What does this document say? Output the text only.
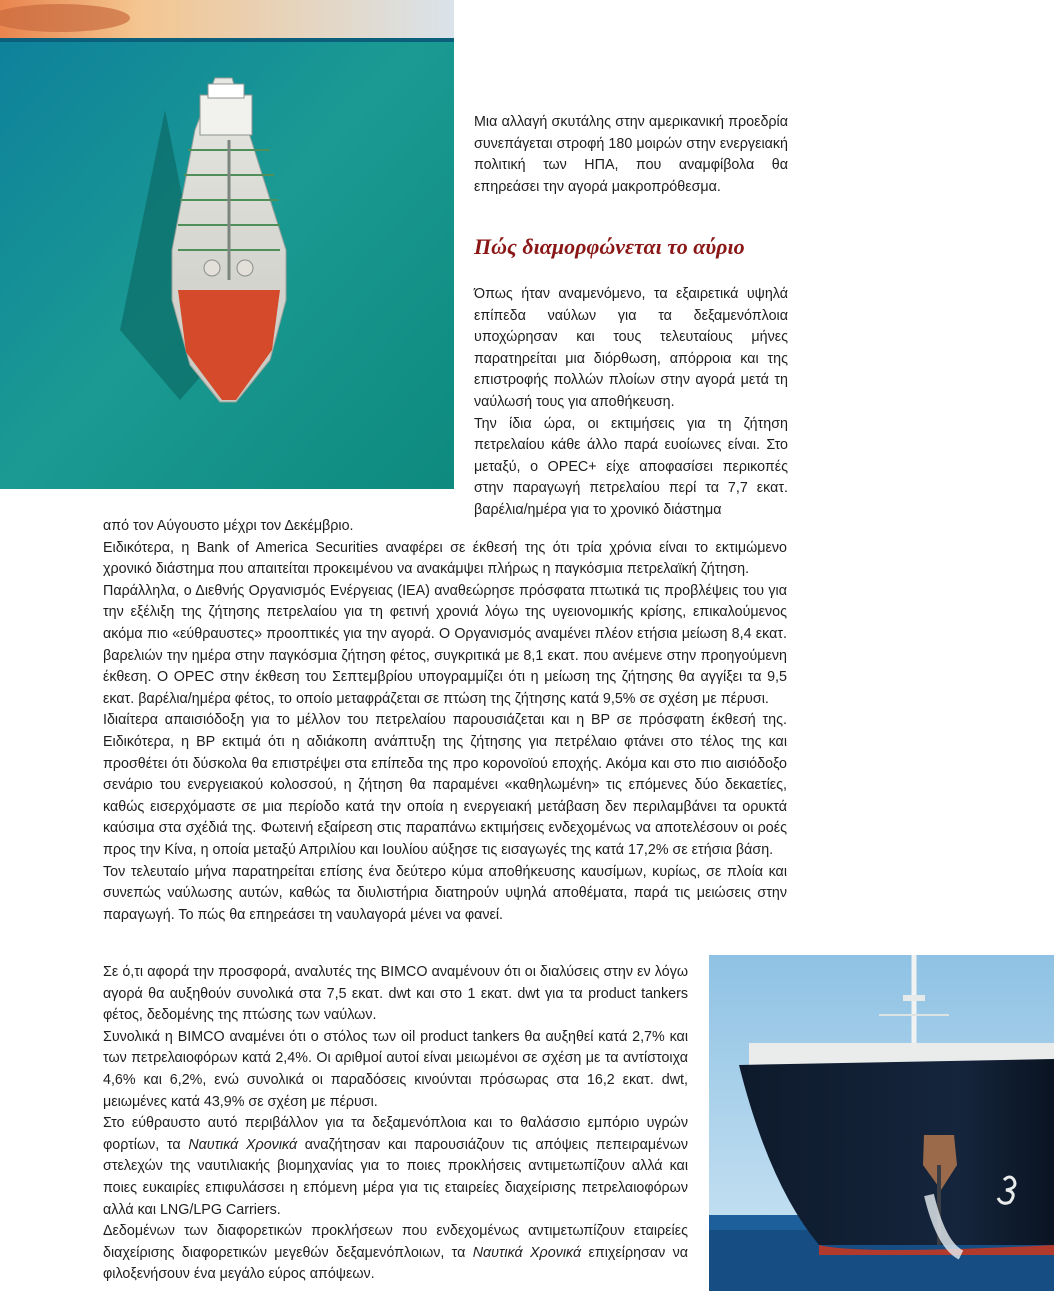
Μια αλλαγή σκυτάλης στην αμερικανική προεδρία συνεπάγεται στροφή 180 μοιρών στην ενεργειακή πολιτική των ΗΠΑ, που αναμφίβολα θα επηρεάσει την αγορά μακροπρόθεσμα.

Πώς διαμορφώνεται το αύριο

Όπως ήταν αναμενόμενο, τα εξαιρετικά υψηλά επίπεδα ναύλων για τα δεξαμενόπλοια υποχώρησαν και τους τελευταίους μήνες παρατηρείται μια διόρθωση, απόρροια και της επιστροφής πολλών πλοίων στην αγορά μετά τη ναύλωσή τους για αποθήκευση.

Την ίδια ώρα, οι εκτιμήσεις για τη ζήτηση πετρελαίου κάθε άλλο παρά ευοίωνες είναι. Στο μεταξύ, ο OPEC+ είχε αποφασίσει περικοπές στην παραγωγή πετρελαίου περί τα 7,7 εκατ. βαρέλια/ημέρα για το χρονικό διάστημα

από τον Αύγουστο μέχρι τον Δεκέμβριο.

Ειδικότερα, η Bank of America Securities αναφέρει σε έκθεσή της ότι τρία χρόνια είναι το εκτιμώμενο χρονικό διάστημα που απαιτείται προκειμένου να ανακάμψει πλήρως η παγκόσμια πετρελαϊκή ζήτηση.

Παράλληλα, ο Διεθνής Οργανισμός Ενέργειας (IEA) αναθεώρησε πρόσφατα πτωτικά τις προβλέψεις του για την εξέλιξη της ζήτησης πετρελαίου για τη φετινή χρονιά λόγω της υγειονομικής κρίσης, επικαλούμενος ακόμα πιο «εύθραυστες» προοπτικές για την αγορά. Ο Οργανισμός αναμένει πλέον ετήσια μείωση 8,4 εκατ. βαρελιών την ημέρα στην παγκόσμια ζήτηση φέτος, συγκριτικά με 8,1 εκατ. που ανέμενε στην προηγούμενη έκθεση. Ο OPEC στην έκθεση του Σεπτεμβρίου υπογραμμίζει ότι η μείωση της ζήτησης θα αγγίξει τα 9,5 εκατ. βαρέλια/ημέρα φέτος, το οποίο μεταφράζεται σε πτώση της ζήτησης κατά 9,5% σε σχέση με πέρυσι.

Ιδιαίτερα απαισιόδοξη για το μέλλον του πετρελαίου παρουσιάζεται και η BP σε πρόσφατη έκθεσή της. Ειδικότερα, η BP εκτιμά ότι η αδιάκοπη ανάπτυξη της ζήτησης για πετρέλαιο φτάνει στο τέλος της και προσθέτει ότι δύσκολα θα επιστρέψει στα επίπεδα της προ κορονοϊού εποχής. Ακόμα και στο πιο αισιόδοξο σενάριο του ενεργειακού κολοσσού, η ζήτηση θα παραμένει «καθηλωμένη» τις επόμενες δύο δεκαετίες, καθώς εισερχόμαστε σε μια περίοδο κατά την οποία η ενεργειακή μετάβαση δεν περιλαμβάνει τα ορυκτά καύσιμα στα σχέδιά της. Φωτεινή εξαίρεση στις παραπάνω εκτιμήσεις ενδεχομένως να αποτελέσουν οι ροές προς την Κίνα, η οποία μεταξύ Απριλίου και Ιουλίου αύξησε τις εισαγωγές της κατά 17,2% σε ετήσια βάση.

Τον τελευταίο μήνα παρατηρείται επίσης ένα δεύτερο κύμα αποθήκευσης καυσίμων, κυρίως, σε πλοία και συνεπώς ναύλωσης αυτών, καθώς τα διυλιστήρια διατηρούν υψηλά αποθέματα, παρά τις μειώσεις στην παραγωγή. Το πώς θα επηρεάσει τη ναυλαγορά μένει να φανεί.

Σε ό,τι αφορά την προσφορά, αναλυτές της BIMCO αναμένουν ότι οι διαλύσεις στην εν λόγω αγορά θα αυξηθούν συνολικά στα 7,5 εκατ. dwt και στο 1 εκατ. dwt για τα product tankers φέτος, δεδομένης της πτώσης των ναύλων.

Συνολικά η BIMCO αναμένει ότι ο στόλος των oil product tankers θα αυξηθεί κατά 2,7% και των πετρελαιοφόρων κατά 2,4%. Οι αριθμοί αυτοί είναι μειωμένοι σε σχέση με τα αντίστοιχα 4,6% και 6,2%, ενώ συνολικά οι παραδόσεις κινούνται πρόσωρας στα 16,2 εκατ. dwt, μειωμένες κατά 43,9% σε σχέση με πέρυσι.

Στο εύθραυστο αυτό περιβάλλον για τα δεξαμενόπλοια και το θαλάσσιο εμπόριο υγρών φορτίων, τα Ναυτικά Χρονικά αναζήτησαν και παρουσιάζουν τις απόψεις πεπειραμένων στελεχών της ναυτιλιακής βιομηχανίας για το ποιες προκλήσεις αντιμετωπίζουν αλλά και ποιες ευκαιρίες επιφυλάσσει η επόμενη μέρα για τις εταιρείες διαχείρισης πετρελαιοφόρων αλλά και LNG/LPG Carriers.

Δεδομένων των διαφορετικών προκλήσεων που ενδεχομένως αντιμετωπίζουν εταιρείες διαχείρισης διαφορετικών μεγεθών δεξαμενόπλοιων, τα Ναυτικά Χρονικά επιχείρησαν να φιλοξενήσουν ένα μεγάλο εύρος απόψεων.
